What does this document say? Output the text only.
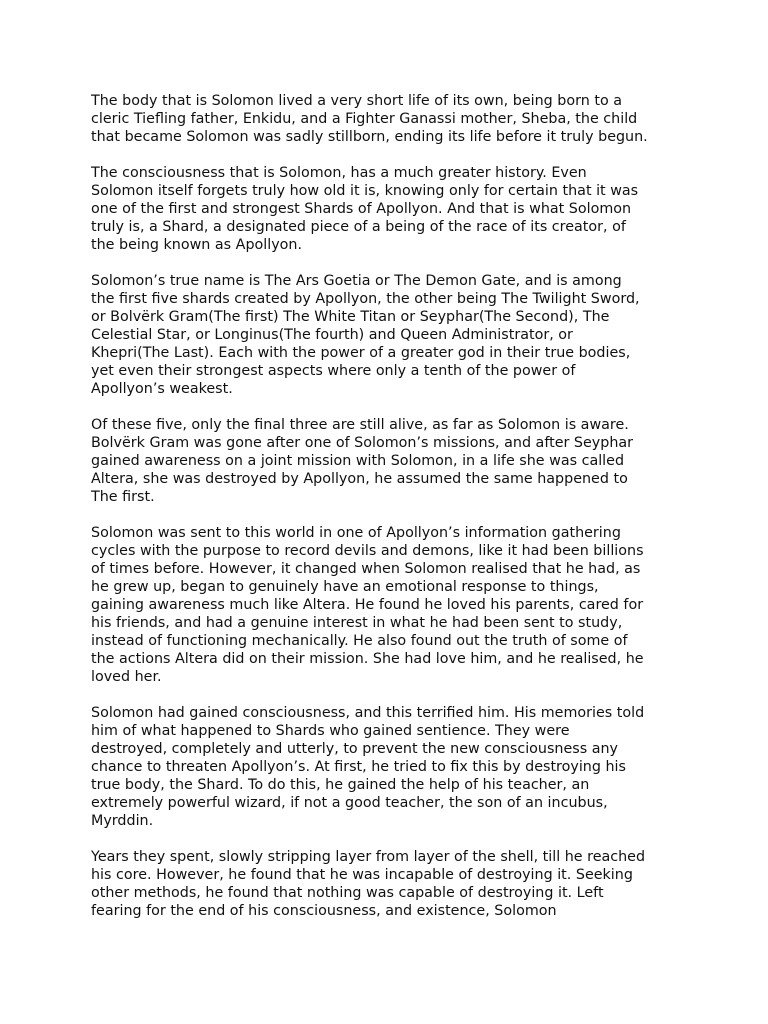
The body that is Solomon lived a very short life of its own, being born to a
cleric Tiefling father, Enkidu, and a Fighter Ganassi mother, Sheba, the child
that became Solomon was sadly stillborn, ending its life before it truly begun.

The consciousness that is Solomon, has a much greater history. Even
Solomon itself forgets truly how old it is, knowing only for certain that it was
one of the first and strongest Shards of Apollyon. And that is what Solomon
truly is, a Shard, a designated piece of a being of the race of its creator, of
the being known as Apollyon.

Solomon’s true name is The Ars Goetia or The Demon Gate, and is among
the first five shards created by Apollyon, the other being The Twilight Sword,
or Bolvërk Gram(The first) The White Titan or Seyphar(The Second), The
Celestial Star, or Longinus(The fourth) and Queen Administrator, or
Khepri(The Last). Each with the power of a greater god in their true bodies,
yet even their strongest aspects where only a tenth of the power of
Apollyon’s weakest.

Of these five, only the final three are still alive, as far as Solomon is aware.
Bolvërk Gram was gone after one of Solomon’s missions, and after Seyphar
gained awareness on a joint mission with Solomon, in a life she was called
Altera, she was destroyed by Apollyon, he assumed the same happened to
The first.

Solomon was sent to this world in one of Apollyon’s information gathering
cycles with the purpose to record devils and demons, like it had been billions
of times before. However, it changed when Solomon realised that he had, as
he grew up, began to genuinely have an emotional response to things,
gaining awareness much like Altera. He found he loved his parents, cared for
his friends, and had a genuine interest in what he had been sent to study,
instead of functioning mechanically. He also found out the truth of some of
the actions Altera did on their mission. She had love him, and he realised, he
loved her.

Solomon had gained consciousness, and this terrified him. His memories told
him of what happened to Shards who gained sentience. They were
destroyed, completely and utterly, to prevent the new consciousness any
chance to threaten Apollyon’s. At first, he tried to fix this by destroying his
true body, the Shard. To do this, he gained the help of his teacher, an
extremely powerful wizard, if not a good teacher, the son of an incubus,
Myrddin.

Years they spent, slowly stripping layer from layer of the shell, till he reached
his core. However, he found that he was incapable of destroying it. Seeking
other methods, he found that nothing was capable of destroying it. Left
fearing for the end of his consciousness, and existence, Solomon
